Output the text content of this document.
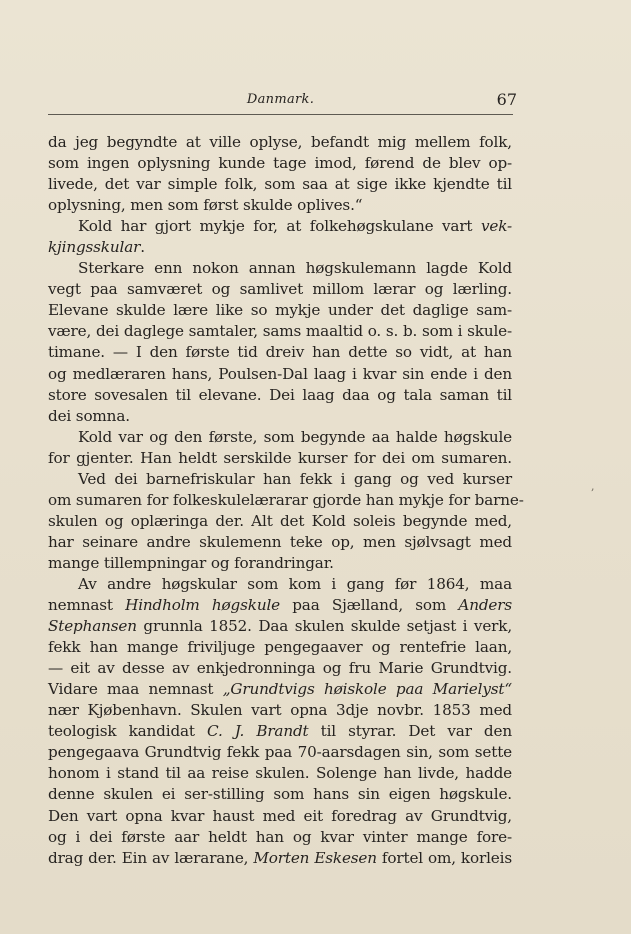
Danmark.	67
da jeg begyndte at ville oplyse, befandt mig mellem folk,
som ingen oplysning kunde tage imod, førend de blev op-
livede, det var simple folk, som saa at sige ikke kjendte til
oplysning, men som først skulde oplives.“
Kold har gjort mykje for, at folkehøgskulane vart vek-
kjingsskular.
Sterkare enn nokon annan høgskulemann lagde Kold
vegt paa samværet og samlivet millom lærar og lærling.
Elevane skulde lære like so mykje under det daglige sam-
være, dei daglege samtaler, sams maaltid o. s. b. som i skule-
timane. — I den første tid dreiv han dette so vidt, at han
og medlæraren hans, Poulsen-Dal laag i kvar sin ende i den
store sovesalen til elevane. Dei laag daa og tala saman til
dei somna.
Kold var og den første, som begynde aa halde høgskule
for gjenter. Han heldt serskilde kurser for dei om sumaren.
Ved dei barnefriskular han fekk i gang og ved kurser
om sumaren for folkeskulelærarar gjorde han mykje for barne-
skulen og oplæringa der. Alt det Kold soleis begynde med,
har seinare andre skulemenn teke op, men sjølvsagt med
mange tillempningar og forandringar.
Av andre høgskular som kom i gang før 1864, maa
nemnast Hindholm høgskule paa Sjælland, som Anders
Stephansen grunnla 1852. Daa skulen skulde setjast i verk,
fekk han mange friviljuge pengegaaver og rentefrie laan,
— eit av desse av enkjedronninga og fru Marie Grundtvig.
Vidare maa nemnast „Grundtvigs høiskole paa Marielyst“
nær Kjøbenhavn. Skulen vart opna 3dje novbr. 1853 med
teologisk kandidat C. J. Brandt til styrar. Det var den
pengegaava Grundtvig fekk paa 70-aarsdagen sin, som sette
honom i stand til aa reise skulen. Solenge han livde, hadde
denne skulen ei ser-stilling som hans sin eigen høgskule.
Den vart opna kvar haust med eit foredrag av Grundtvig,
og i dei første aar heldt han og kvar vinter mange fore-
drag der. Ein av lærarane, Morten Eskesen fortel om, korleis
,
